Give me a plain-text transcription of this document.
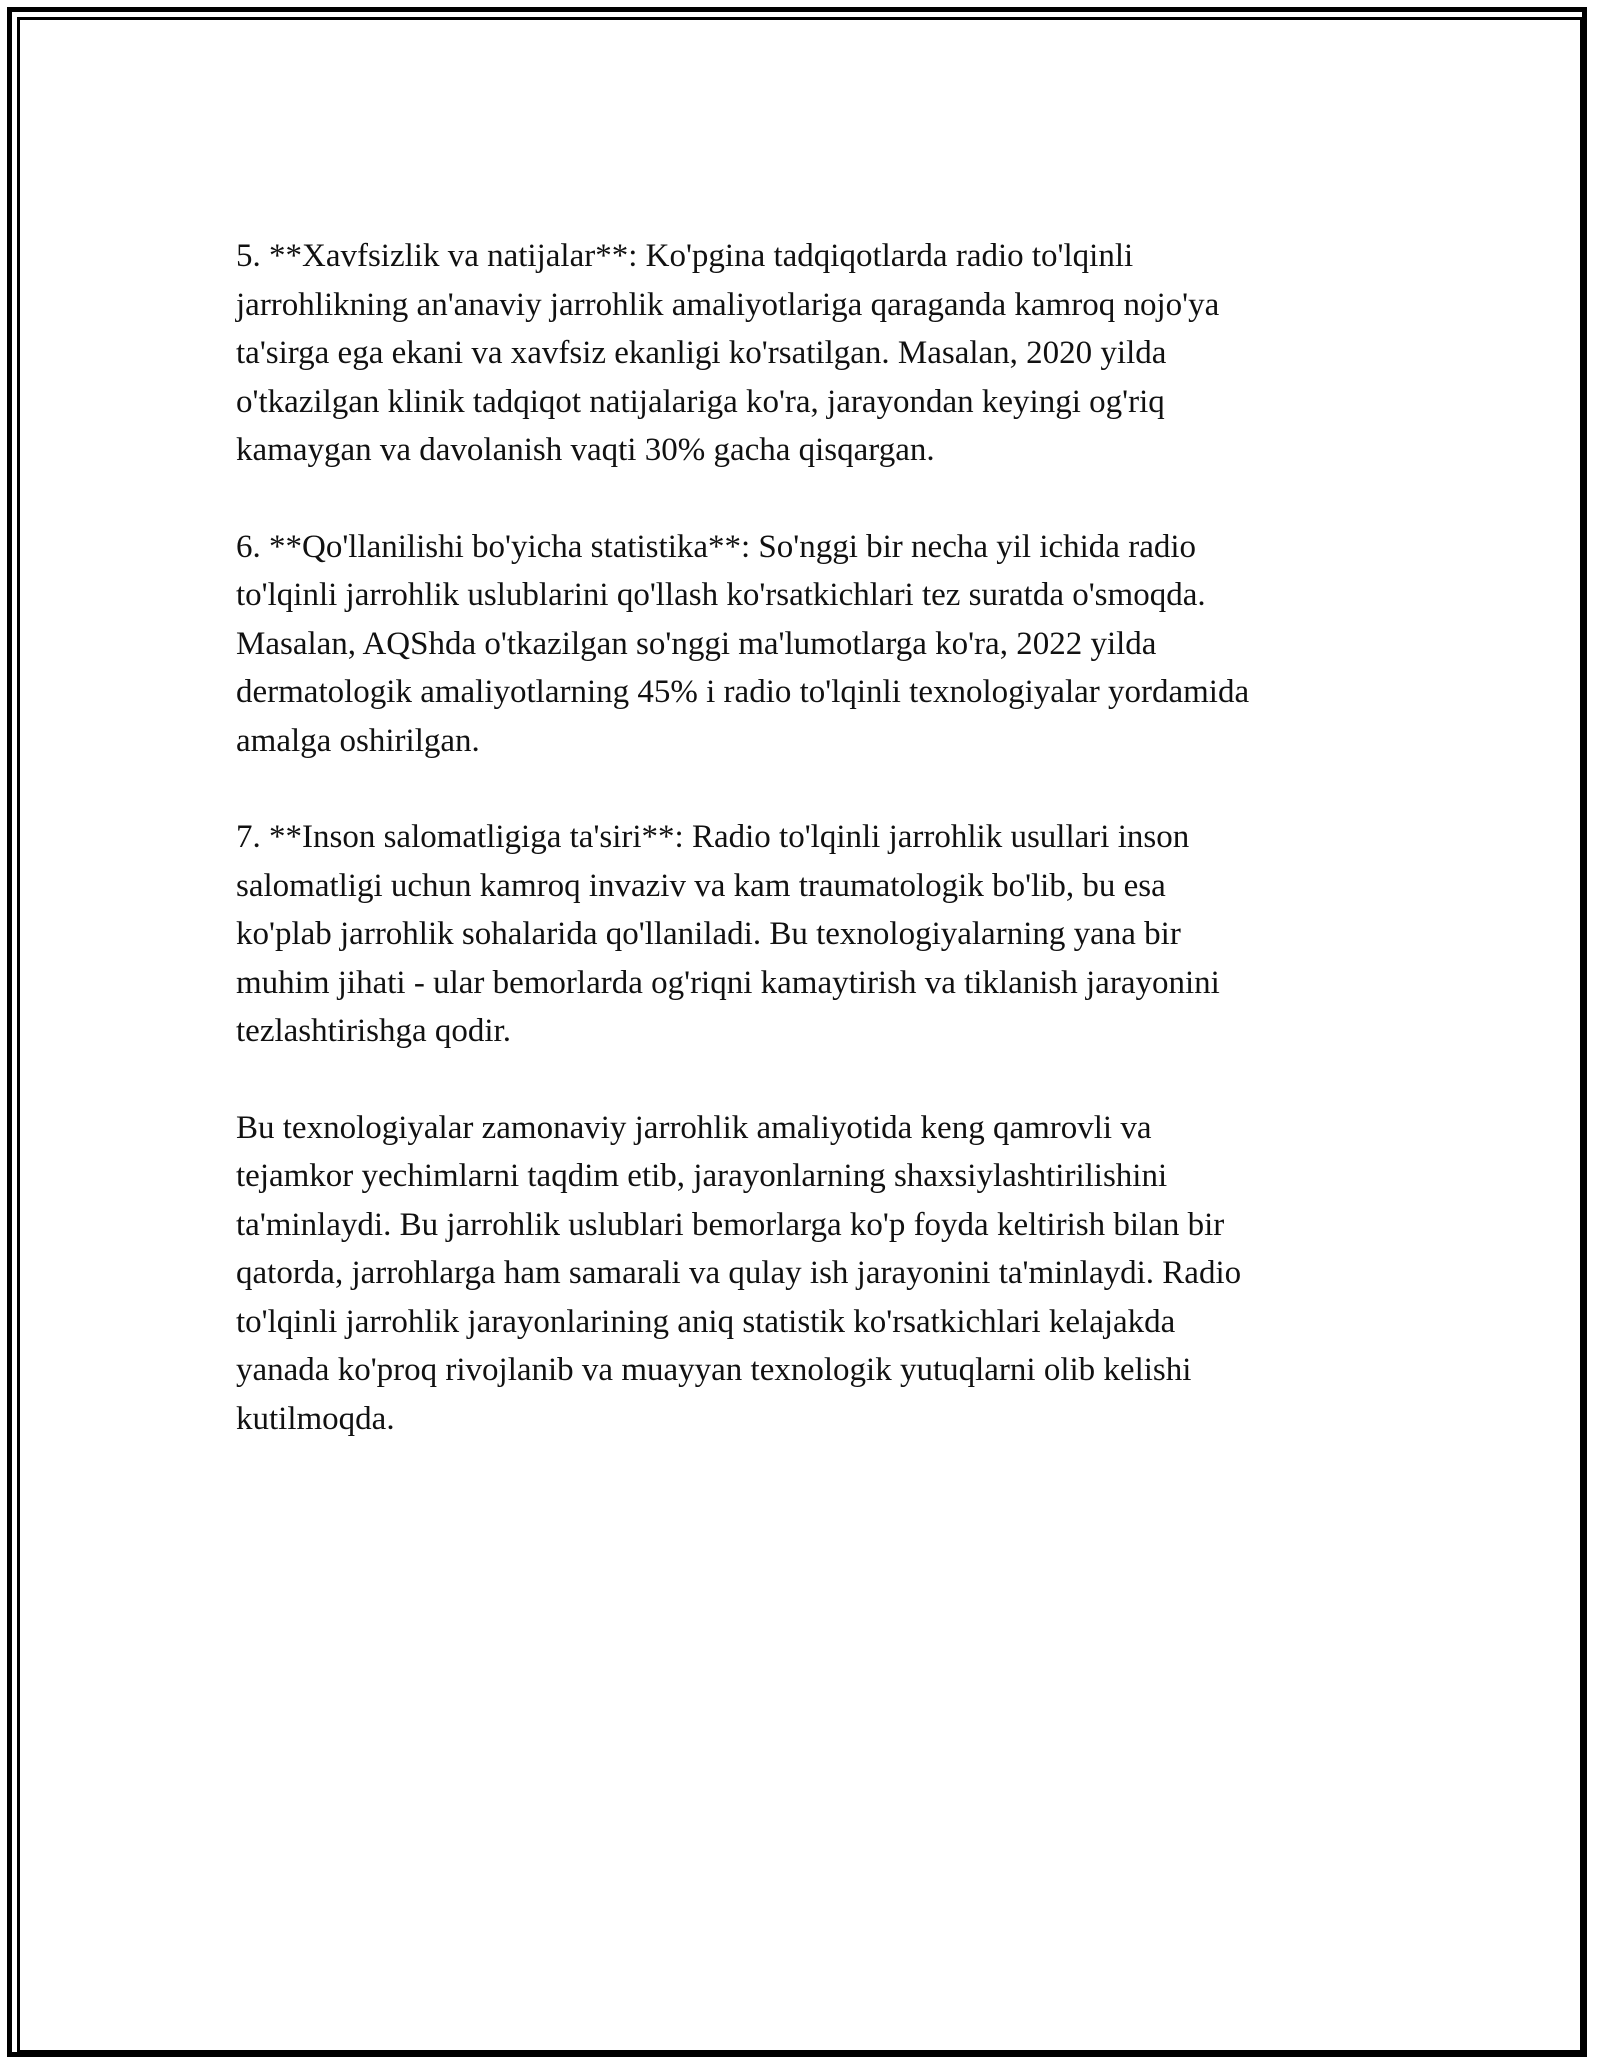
5. **Xavfsizlik va natijalar**: Ko'pgina tadqiqotlarda radio to'lqinli
jarrohlikning an'anaviy jarrohlik amaliyotlariga qaraganda kamroq nojo'ya
ta'sirga ega ekani va xavfsiz ekanligi ko'rsatilgan. Masalan, 2020 yilda
o'tkazilgan klinik tadqiqot natijalariga ko'ra, jarayondan keyingi og'riq
kamaygan va davolanish vaqti 30% gacha qisqargan.

6. **Qo'llanilishi bo'yicha statistika**: So'nggi bir necha yil ichida radio
to'lqinli jarrohlik uslublarini qo'llash ko'rsatkichlari tez suratda o'smoqda.
Masalan, AQShda o'tkazilgan so'nggi ma'lumotlarga ko'ra, 2022 yilda
dermatologik amaliyotlarning 45% i radio to'lqinli texnologiyalar yordamida
amalga oshirilgan.

7. **Inson salomatligiga ta'siri**: Radio to'lqinli jarrohlik usullari inson
salomatligi uchun kamroq invaziv va kam traumatologik bo'lib, bu esa
ko'plab jarrohlik sohalarida qo'llaniladi. Bu texnologiyalarning yana bir
muhim jihati - ular bemorlarda og'riqni kamaytirish va tiklanish jarayonini
tezlashtirishga qodir.

Bu texnologiyalar zamonaviy jarrohlik amaliyotida keng qamrovli va
tejamkor yechimlarni taqdim etib, jarayonlarning shaxsiylashtirilishini
ta'minlaydi. Bu jarrohlik uslublari bemorlarga ko'p foyda keltirish bilan bir
qatorda, jarrohlarga ham samarali va qulay ish jarayonini ta'minlaydi. Radio
to'lqinli jarrohlik jarayonlarining aniq statistik ko'rsatkichlari kelajakda
yanada ko'proq rivojlanib va muayyan texnologik yutuqlarni olib kelishi
kutilmoqda.
